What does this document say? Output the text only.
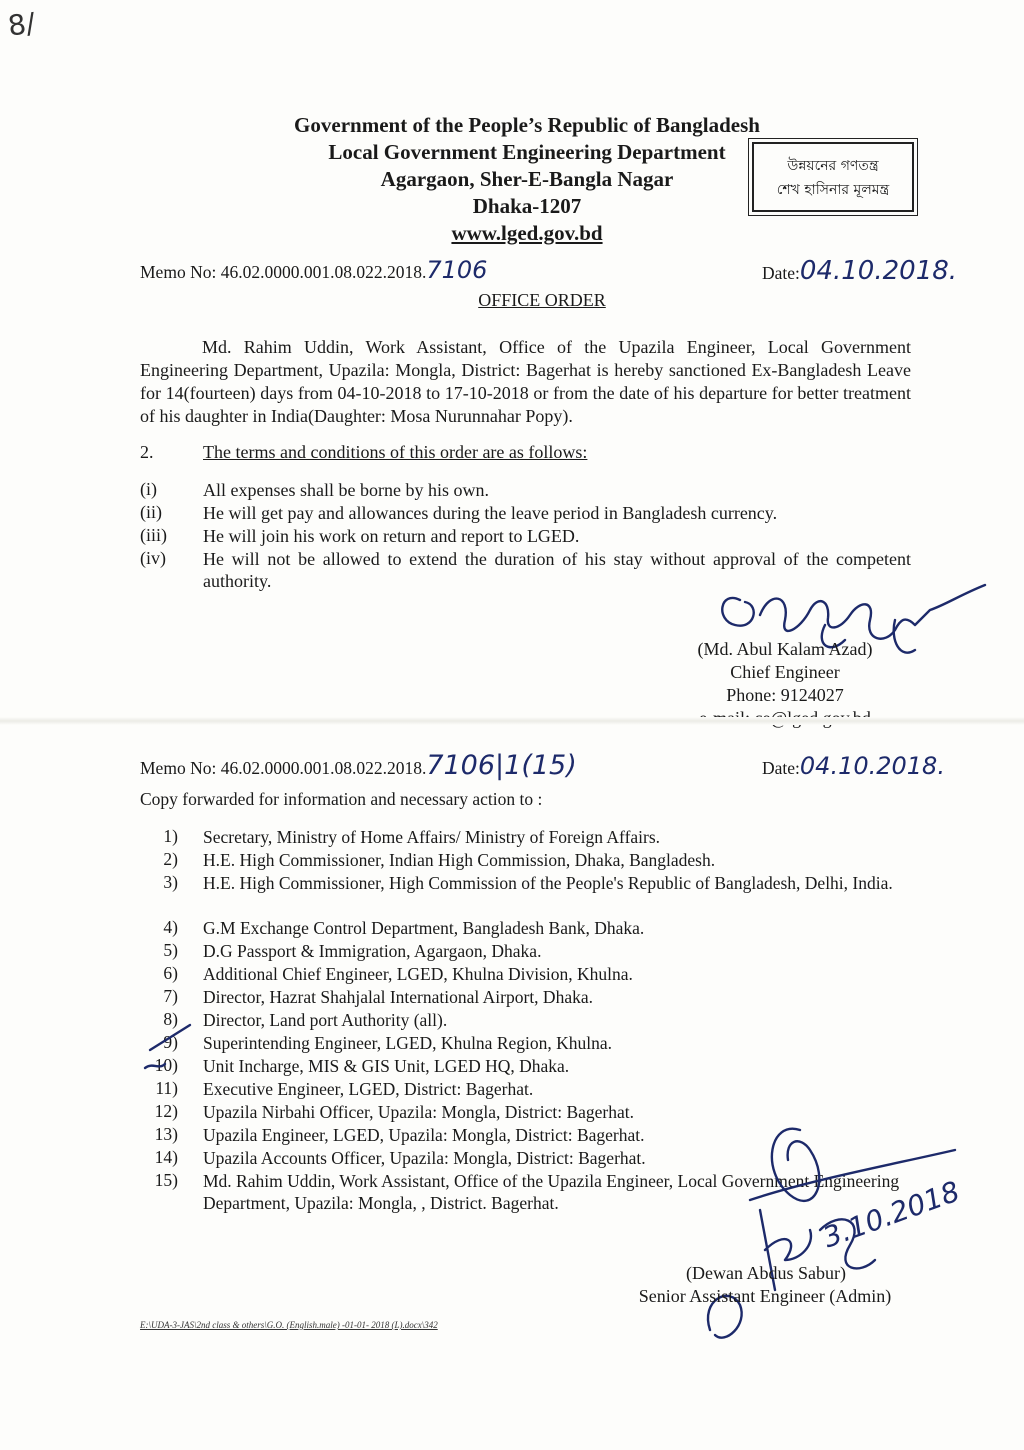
8/
Government of the People’s Republic of Bangladesh
Local Government Engineering Department
Agargaon, Sher-E-Bangla Nagar
Dhaka-1207
www.lged.gov.bd
উন্নয়নের গণতন্ত্র
শেখ হাসিনার মূলমন্ত্র
Memo No: 46.02.0000.001.08.022.2018.7106	Date:04.10.2018.
OFFICE ORDER
Md. Rahim Uddin, Work Assistant, Office of the Upazila Engineer, Local Government Engineering Department, Upazila: Mongla, District: Bagerhat is hereby sanctioned Ex-Bangladesh Leave for 14(fourteen) days from 04-10-2018 to 17-10-2018 or from the date of his departure for better treatment of his daughter in India(Daughter: Mosa Nurunnahar Popy).
2.	The terms and conditions of this order are as follows:
(i)	All expenses shall be borne by his own.
(ii) He will get pay and allowances during the leave period in Bangladesh currency.
(iii) He will join his work on return and report to LGED.
(iv) He will not be allowed to extend the duration of his stay without approval of the competent authority.
(Md. Abul Kalam Azad)
Chief Engineer
Phone: 9124027
Memo No: 46.02.0000.001.08.022.2018.7106|1(15)	Date:04.10.2018.
Copy forwarded for information and necessary action to :
1) Secretary, Ministry of Home Affairs/ Ministry of Foreign Affairs.
2) H.E. High Commissioner, Indian High Commission, Dhaka, Bangladesh.
3) H.E. High Commissioner, High Commission of the People's Republic of Bangladesh, Delhi, India.
4) G.M Exchange Control Department, Bangladesh Bank, Dhaka.
5) D.G Passport & Immigration, Agargaon, Dhaka.
6) Additional Chief Engineer, LGED, Khulna Division, Khulna.
7) Director, Hazrat Shahjalal International Airport, Dhaka.
8) Director, Land port Authority (all).
9) Superintending Engineer, LGED, Khulna Region, Khulna.
10) Unit Incharge, MIS & GIS Unit, LGED HQ, Dhaka.
11) Executive Engineer, LGED, District: Bagerhat.
12) Upazila Nirbahi Officer, Upazila: Mongla, District: Bagerhat.
13) Upazila Engineer, LGED, Upazila: Mongla, District: Bagerhat.
14) Upazila Accounts Officer, Upazila: Mongla, District: Bagerhat.
15) Md. Rahim Uddin, Work Assistant, Office of the Upazila Engineer, Local Government Engineering Department, Upazila: Mongla, , District. Bagerhat.	3.10.2018
(Dewan Abdus Sabur)
Senior Assistant Engineer (Admin)
E:\UDA-3-JAS\2nd class & others\G.O. (English.male) -01-01- 2018 (L).docx\342
